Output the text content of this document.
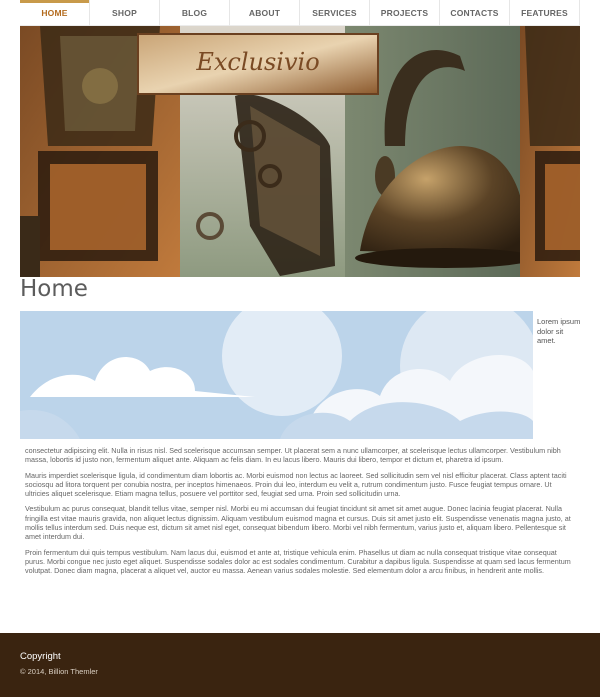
HOME	SHOP	BLOG	ABOUT	SERVICES	PROJECTS	CONTACTS	FEATURES
Exclusivio
Home
Lorem ipsum dolor sit amet.

consectetur adipiscing elit. Nulla in risus nisl. Sed scelerisque accumsan semper. Ut placerat sem a nunc ullamcorper, at scelerisque lectus ullamcorper. Vestibulum nibh massa, lobortis id justo non, fermentum aliquet ante. Aliquam ac felis diam. In eu lacus libero. Mauris dui libero, tempor et dictum et, pharetra id ipsum.

Mauris imperdiet scelerisque ligula, id condimentum diam lobortis ac. Morbi euismod non lectus ac laoreet. Sed sollicitudin sem vel nisl efficitur placerat. Class aptent taciti sociosqu ad litora torquent per conubia nostra, per inceptos himenaeos. Proin dui leo, interdum eu velit a, rutrum condimentum justo. Fusce feugiat tempus ornare. Ut ultricies aliquet scelerisque. Etiam magna tellus, posuere vel porttitor sed, feugiat sed urna. Proin sed sollicitudin urna.

Vestibulum ac purus consequat, blandit tellus vitae, semper nisl. Morbi eu mi accumsan dui feugiat tincidunt sit amet sit amet augue. Donec lacinia feugiat placerat. Nulla fringilla est vitae mauris gravida, non aliquet lectus dignissim. Aliquam vestibulum euismod magna et cursus. Duis sit amet justo elit. Suspendisse venenatis magna justo, at mollis tellus interdum sed. Duis neque est, dictum sit amet nisl eget, consequat bibendum libero. Morbi vel nibh fermentum, varius justo et, aliquam libero. Pellentesque sit amet interdum dui.

Proin fermentum dui quis tempus vestibulum. Nam lacus dui, euismod et ante at, tristique vehicula enim. Phasellus ut diam ac nulla consequat tristique vitae consequat purus. Morbi congue nec justo eget aliquet. Suspendisse sodales dolor ac est sodales condimentum. Curabitur a dapibus ligula. Suspendisse at quam sed lacus fermentum volutpat. Donec diam magna, placerat a aliquet vel, auctor eu massa. Aenean varius sodales molestie. Sed elementum dolor a arcu finibus, in hendrerit ante mollis.

Copyright
© 2014, Billion Themler
